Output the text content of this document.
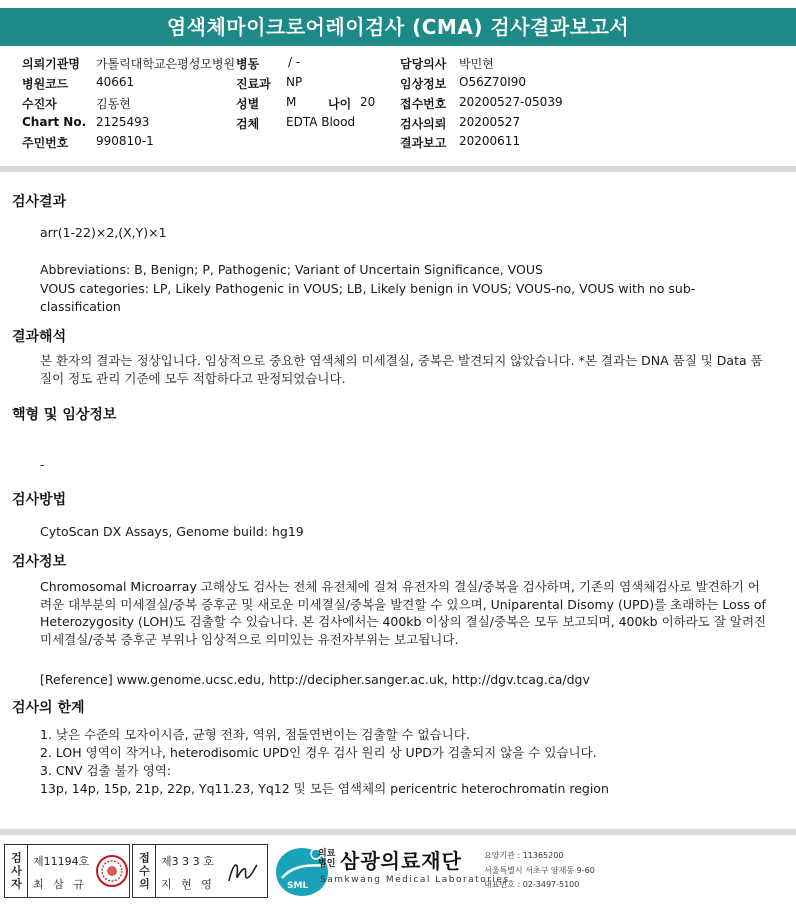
염색체마이크로어레이검사 (CMA) 검사결과보고서
의뢰기관명 가톨릭대학교은평성모병원 병동 / -	담당의사 박민현
병원코드 40661	진료과 NP	임상정보 O56Z70I90
수진자	김동현	성별 M	나이 20 접수번호 20200527-05039
Chart No. 2125493	검체 EDTA Blood	검사의뢰 20200527
주민번호 990810-1	결과보고 20200611
검사결과
arr(1-22)×2,(X,Y)×1
Abbreviations: B, Benign; P, Pathogenic; Variant of Uncertain Significance, VOUS
VOUS categories: LP, Likely Pathogenic in VOUS; LB, Likely benign in VOUS; VOUS-no, VOUS with no sub-classification
결과해석
본 환자의 결과는 정상입니다. 임상적으로 중요한 염색체의 미세결실, 중복은 발견되지 않았습니다. *본 결과는 DNA 품질 및 Data 품질이 정도 관리 기준에 모두 적합하다고 판정되었습니다.
핵형 및 임상정보
-
검사방법
CytoScan DX Assays, Genome build: hg19
검사정보
Chromosomal Microarray 고해상도 검사는 전체 유전체에 걸쳐 유전자의 결실/중복을 검사하며, 기존의 염색체검사로 발견하기 어려운 대부분의 미세결실/중복 증후군 및 새로운 미세결실/중복을 발견할 수 있으며, Uniparental Disomy (UPD)를 초래하는 Loss of Heterozygosity (LOH)도 검출할 수 있습니다. 본 검사에서는 400kb 이상의 결실/중복은 모두 보고되며, 400kb 이하라도 잘 알려진 미세결실/중복 증후군 부위나 임상적으로 의미있는 유전자부위는 보고됩니다.
[Reference] www.genome.ucsc.edu, http://decipher.sanger.ac.uk, http://dgv.tcag.ca/dgv
검사의 한계
1. 낮은 수준의 모자이시즘, 균형 전좌, 역위, 점돌연변이는 검출할 수 없습니다.
2. LOH 영역이 작거나, heterodisomic UPD인 경우 검사 원리 상 UPD가 검출되지 않을 수 있습니다.
3. CNV 검출 불가 영역:
13p, 14p, 15p, 21p, 22p, Yq11.23, Yq12 및 모든 염색체의 pericentric heterochromatin region
검사자 제11194호
최 삼 규	접수의 제3 3 3 호
지 현 영	SML
의료
법인 삼광의료재단
Samkwang Medical Laboratories
요양기관 : 11365200
서울특별시 서초구 양재동 9-60
대표번호 : 02-3497-5100
